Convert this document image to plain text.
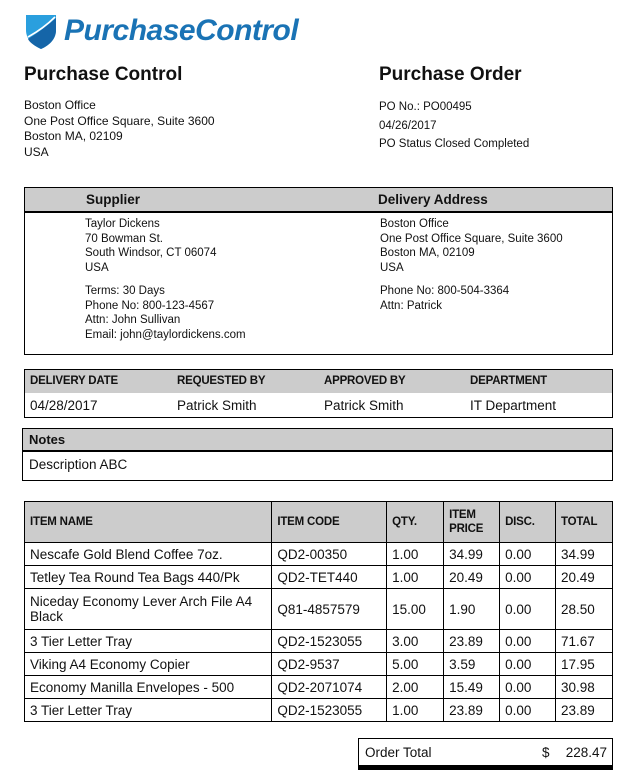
PurchaseControl
Purchase Control
Boston Office
One Post Office Square, Suite 3600
Boston MA, 02109
USA
Purchase Order
PO No.: PO00495
04/26/2017
PO Status Closed Completed
Supplier	Delivery Address
Taylor Dickens
70 Bowman St.
South Windsor, CT 06074
USA
Terms: 30 Days
Phone No: 800-123-4567
Attn: John Sullivan
Email: john@taylordickens.com
Boston Office
One Post Office Square, Suite 3600
Boston MA, 02109
USA
Phone No: 800-504-3364
Attn: Patrick
DELIVERY DATE	REQUESTED BY	APPROVED BY	DEPARTMENT
04/28/2017	Patrick Smith	Patrick Smith	IT Department
Notes
Description ABC
ITEM NAME	ITEM CODE	QTY.	ITEM PRICE	DISC.	TOTAL
Nescafe Gold Blend Coffee 7oz.	QD2-00350	1.00	34.99	0.00	34.99
Tetley Tea Round Tea Bags 440/Pk	QD2-TET440	1.00	20.49	0.00	20.49
Niceday Economy Lever Arch File A4 Black	Q81-4857579	15.00	1.90	0.00	28.50
3 Tier Letter Tray	QD2-1523055	3.00	23.89	0.00	71.67
Viking A4 Economy Copier	QD2-9537	5.00	3.59	0.00	17.95
Economy Manilla Envelopes - 500	QD2-2071074	2.00	15.49	0.00	30.98
3 Tier Letter Tray	QD2-1523055	1.00	23.89	0.00	23.89
Order Total	$ 228.47
